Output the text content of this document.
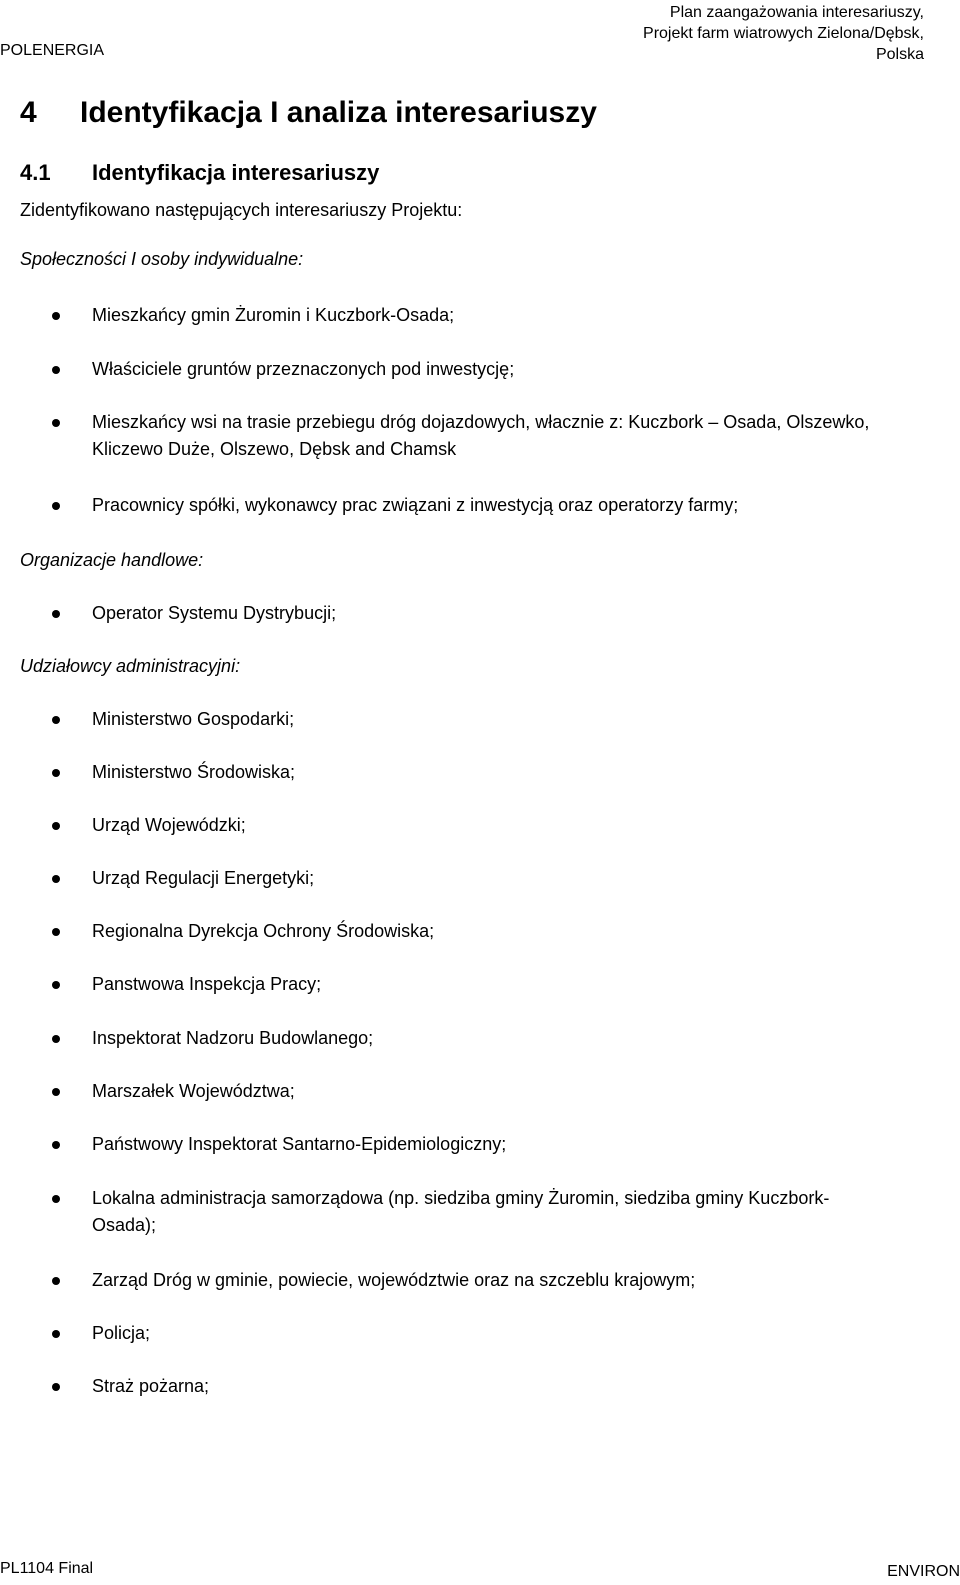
POLENERGIA
Plan zaangażowania interesariuszy,
Projekt farm wiatrowych Zielona/Dębsk,
Polska
4 Identyfikacja I analiza interesariuszy
4.1 Identyfikacja interesariuszy
Zidentyfikowano następujących interesariuszy Projektu:
Społeczności I osoby indywidualne:
Mieszkańcy gmin Żuromin i Kuczbork-Osada;
Właściciele gruntów przeznaczonych pod inwestycję;
Mieszkańcy wsi na trasie przebiegu dróg dojazdowych, włacznie z: Kuczbork – Osada, Olszewko, Kliczewo Duże, Olszewo, Dębsk and Chamsk
Pracownicy spółki, wykonawcy prac związani z inwestycją oraz operatorzy farmy;
Organizacje handlowe:
Operator Systemu Dystrybucji;
Udziałowcy administracyjni:
Ministerstwo Gospodarki;
Ministerstwo Środowiska;
Urząd Wojewódzki;
Urząd Regulacji Energetyki;
Regionalna Dyrekcja Ochrony Środowiska;
Panstwowa Inspekcja Pracy;
Inspektorat Nadzoru Budowlanego;
Marszałek Województwa;
Państwowy Inspektorat Santarno-Epidemiologiczny;
Lokalna administracja samorządowa (np. siedziba gminy Żuromin, siedziba gminy Kuczbork-Osada);
Zarząd Dróg w gminie, powiecie, województwie oraz na szczeblu krajowym;
Policja;
Straż pożarna;
PL1104 Final	ENVIRON
